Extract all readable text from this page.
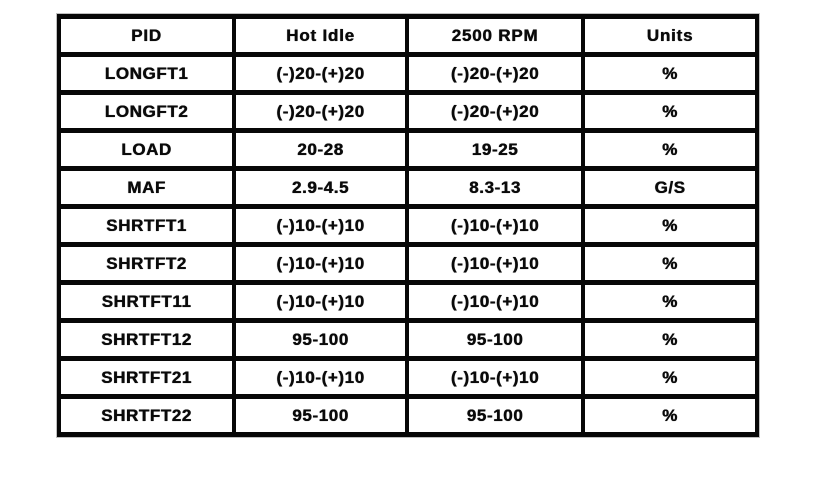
PID	Hot Idle	2500 RPM	Units
LONGFT1	(-)20-(+)20	(-)20-(+)20	%
LONGFT2	(-)20-(+)20	(-)20-(+)20	%
LOAD	20-28	19-25	%
MAF	2.9-4.5	8.3-13	G/S
SHRTFT1	(-)10-(+)10	(-)10-(+)10	%
SHRTFT2	(-)10-(+)10	(-)10-(+)10	%
SHRTFT11	(-)10-(+)10	(-)10-(+)10	%
SHRTFT12	95-100	95-100	%
SHRTFT21	(-)10-(+)10	(-)10-(+)10	%
SHRTFT22	95-100	95-100	%
